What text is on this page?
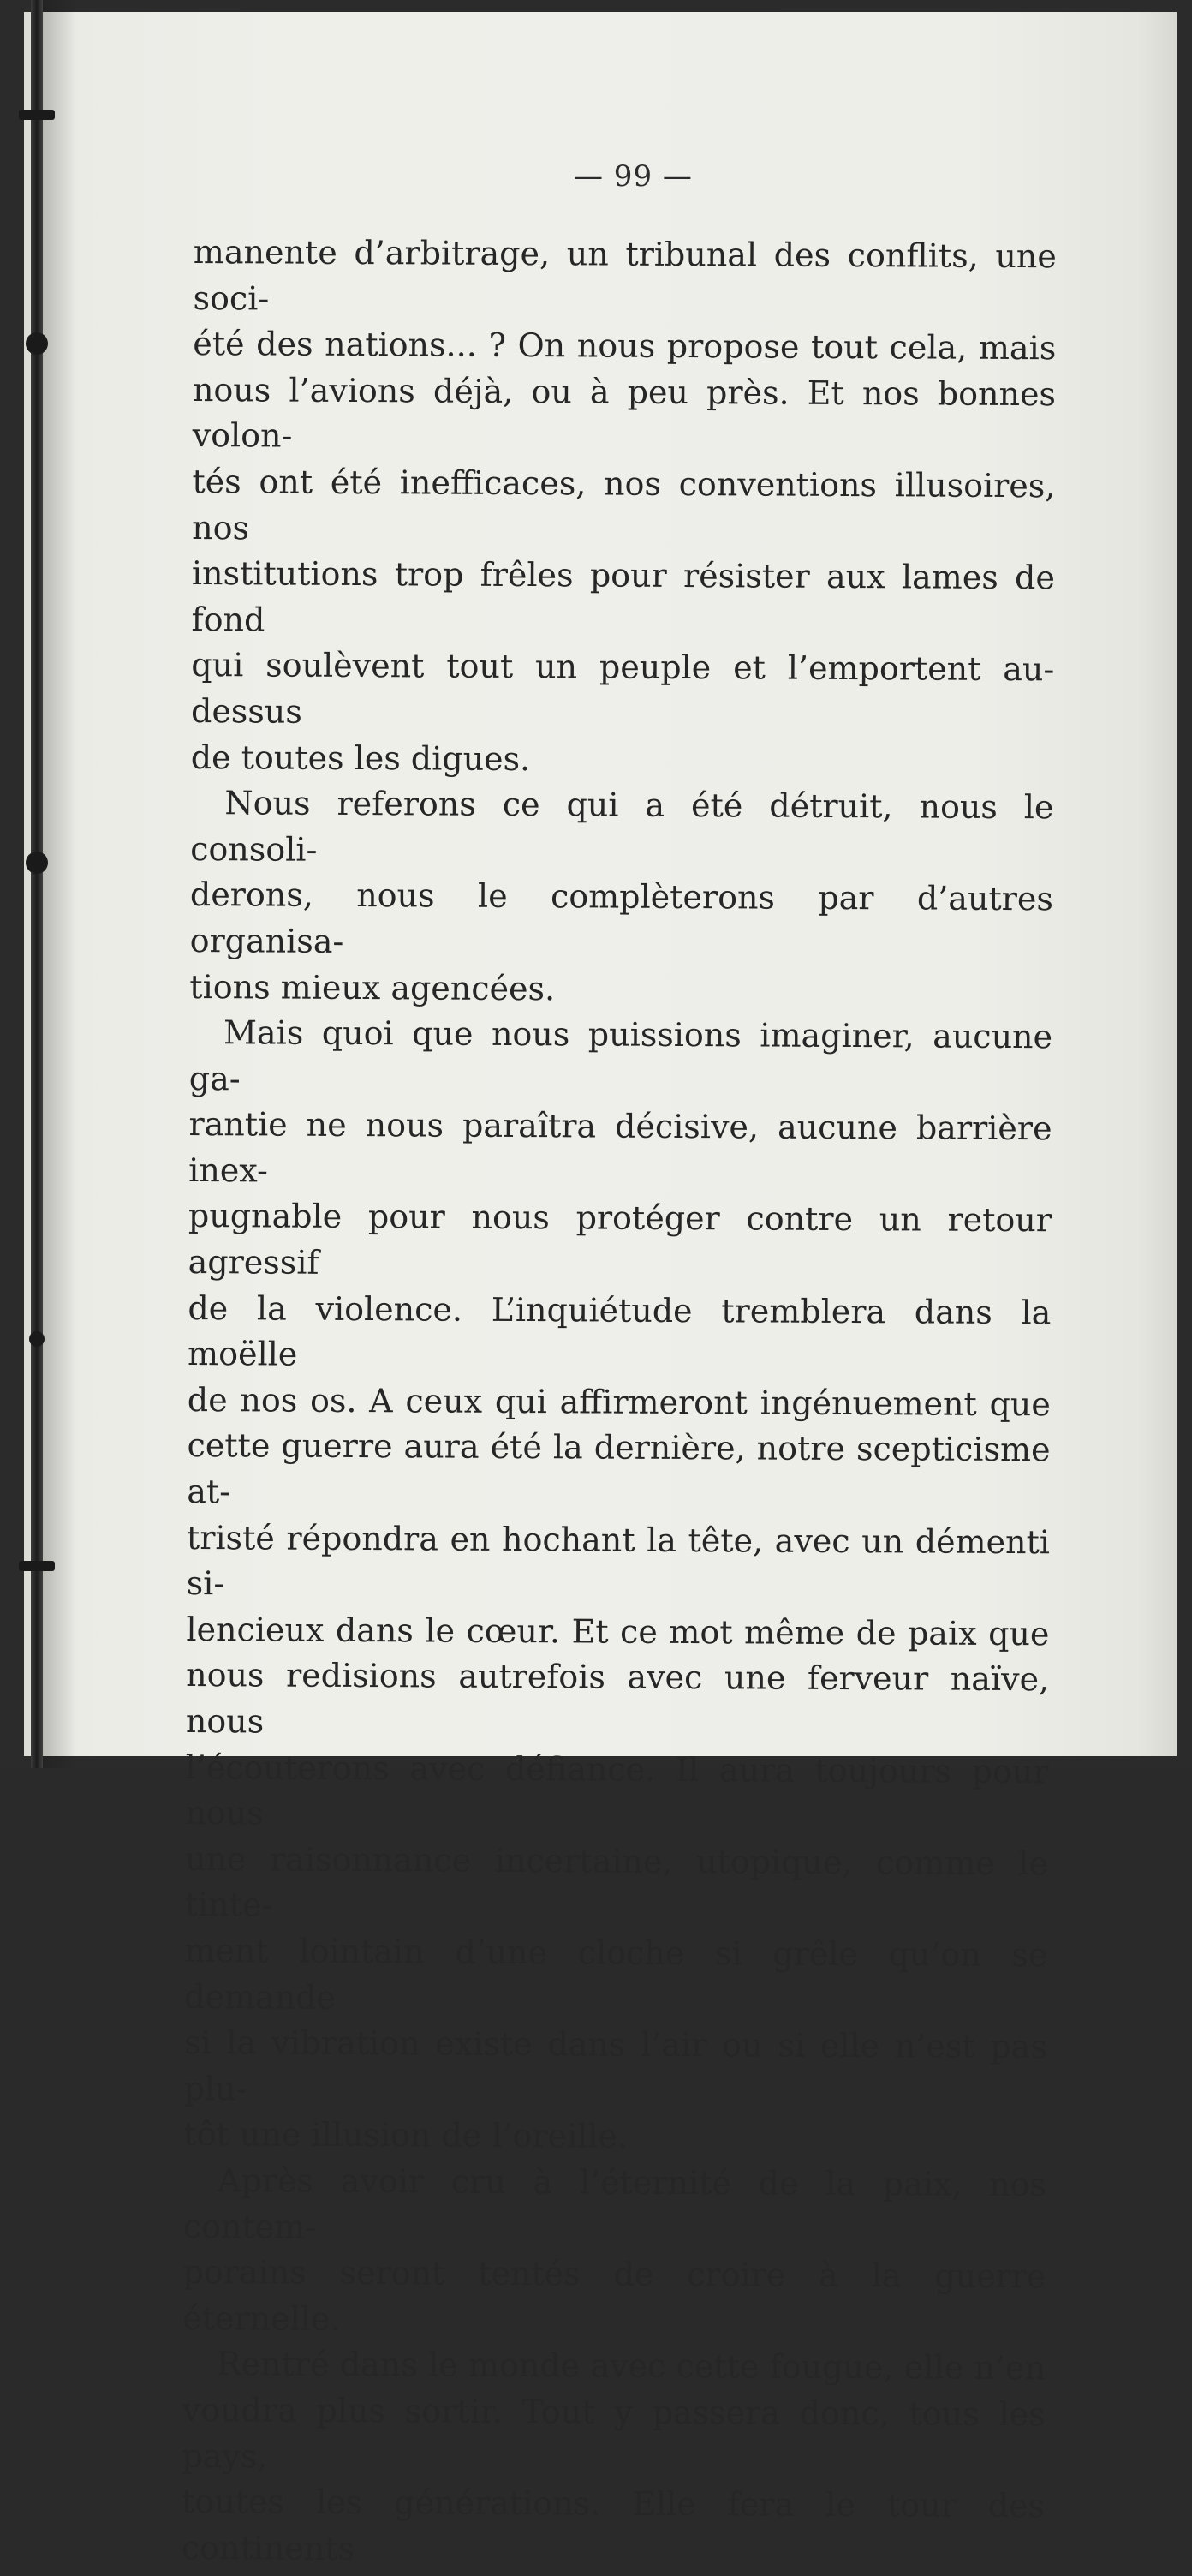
— 99 —

manente d’arbitrage, un tribunal des conflits, une soci-

été des nations... ? On nous propose tout cela, mais

nous l’avions déjà, ou à peu près. Et nos bonnes volon-

tés ont été inefficaces, nos conventions illusoires, nos

institutions trop frêles pour résister aux lames de fond

qui soulèvent tout un peuple et l’emportent au-dessus

de toutes les digues.

Nous referons ce qui a été détruit, nous le consoli-

derons, nous le complèterons par d’autres organisa-

tions mieux agencées.

Mais quoi que nous puissions imaginer, aucune ga-

rantie ne nous paraîtra décisive, aucune barrière inex-

pugnable pour nous protéger contre un retour agressif

de la violence. L’inquiétude tremblera dans la moëlle

de nos os. A ceux qui affirmeront ingénuement que

cette guerre aura été la dernière, notre scepticisme at-

tristé répondra en hochant la tête, avec un démenti si-

lencieux dans le cœur. Et ce mot même de paix que

nous redisions autrefois avec une ferveur naïve, nous

l’écouterons avec défiance. Il aura toujours pour nous

une raisonnance incertaine, utopique, comme le tinte-

ment lointain d’une cloche si grêle qu’on se demande

si la vibration existe dans l’air ou si elle n’est pas plu-

tôt une illusion de l’oreille.

Après avoir cru à l’éternité de la paix, nos contem-

porains seront tentés de croire à la guerre éternelle.

Rentré dans le monde avec cette fougue, elle n’en

voudra plus sortir. Tout y passera donc, tous les pays,

toutes les générations. Elle fera le tour des continents
